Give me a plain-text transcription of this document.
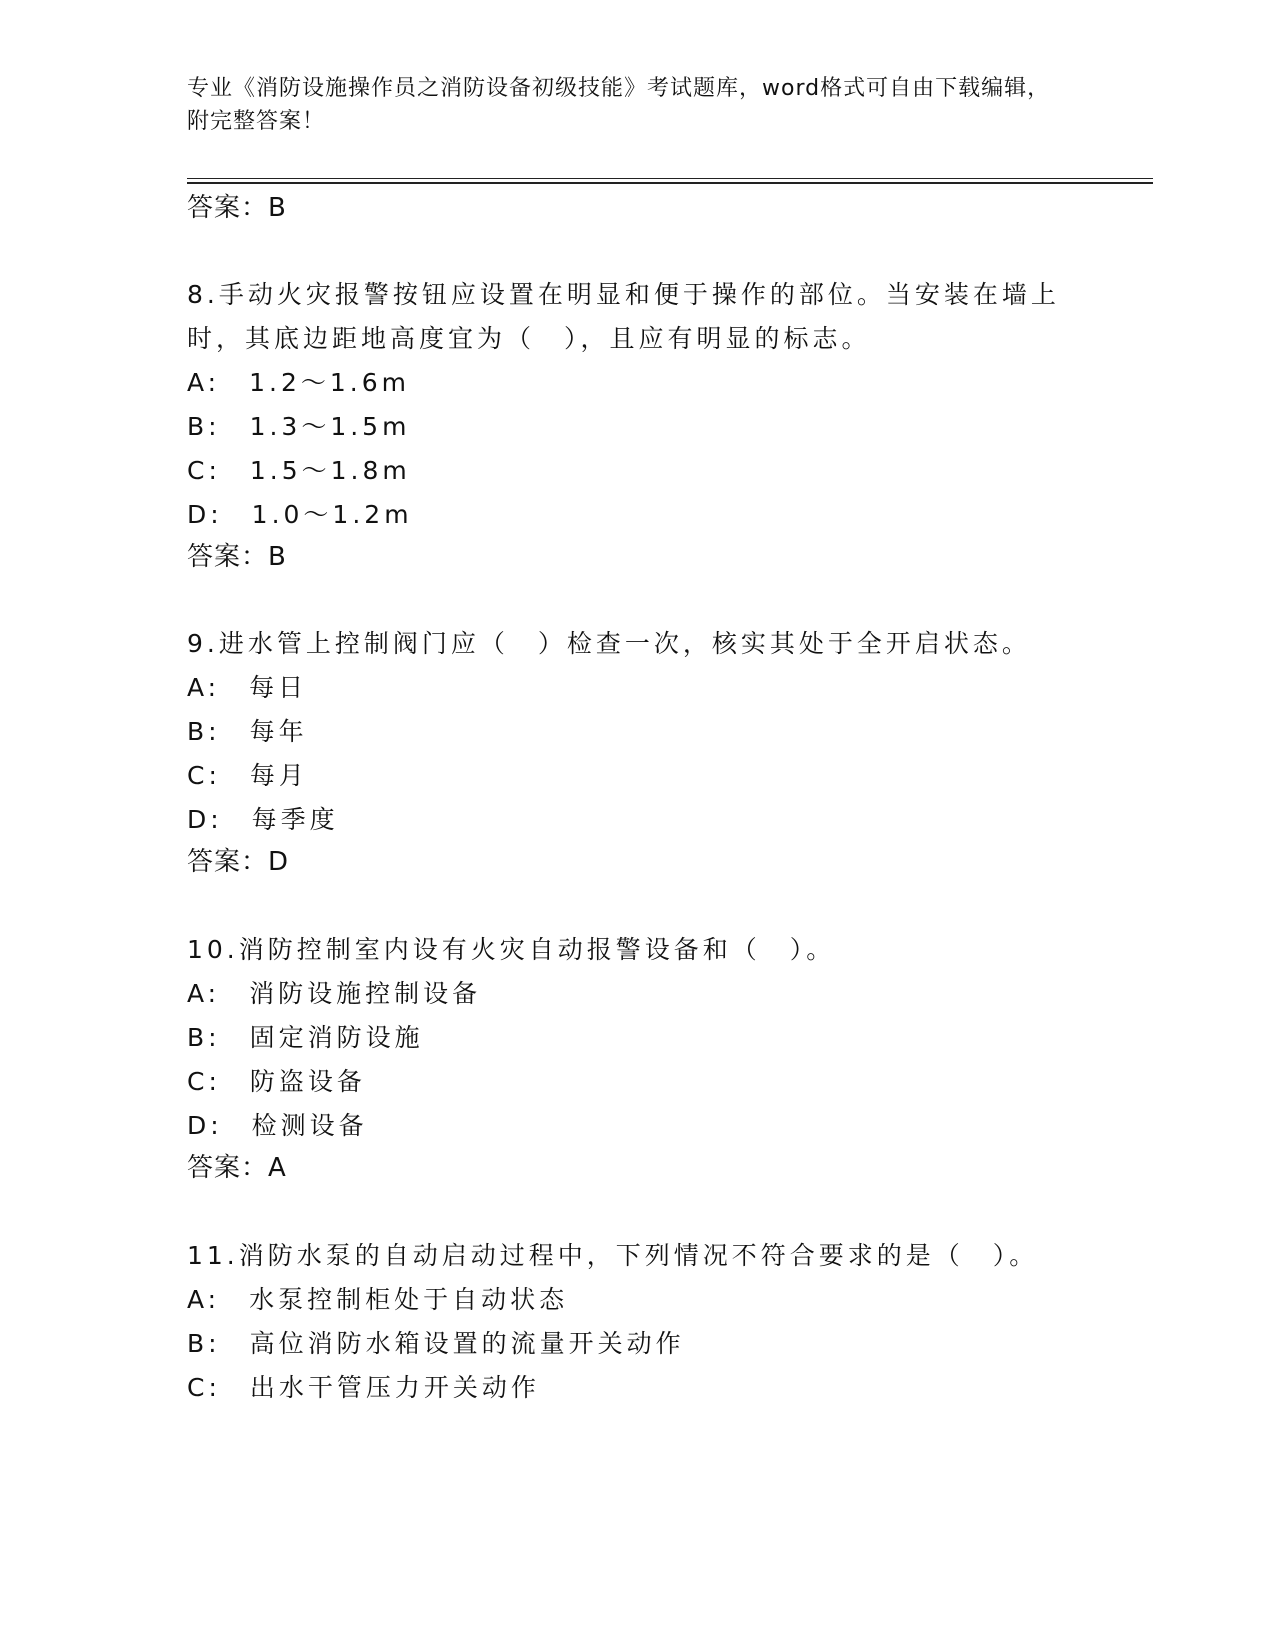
专业《消防设施操作员之消防设备初级技能》考试题库，word格式可自由下载编辑，附完整答案！

答案：B

8.手动火灾报警按钮应设置在明显和便于操作的部位。当安装在墙上

时，其底边距地高度宜为（　），且应有明显的标志。

A:　1.2～1.6m

B:　1.3～1.5m

C:　1.5～1.8m

D:　1.0～1.2m

答案：B

9.进水管上控制阀门应（　）检查一次，核实其处于全开启状态。

A:　每日

B:　每年

C:　每月

D:　每季度

答案：D

10.消防控制室内设有火灾自动报警设备和（　）。

A:　消防设施控制设备

B:　固定消防设施

C:　防盗设备

D:　检测设备

答案：A

11.消防水泵的自动启动过程中，下列情况不符合要求的是（　）。

A:　水泵控制柜处于自动状态

B:　高位消防水箱设置的流量开关动作

C:　出水干管压力开关动作
